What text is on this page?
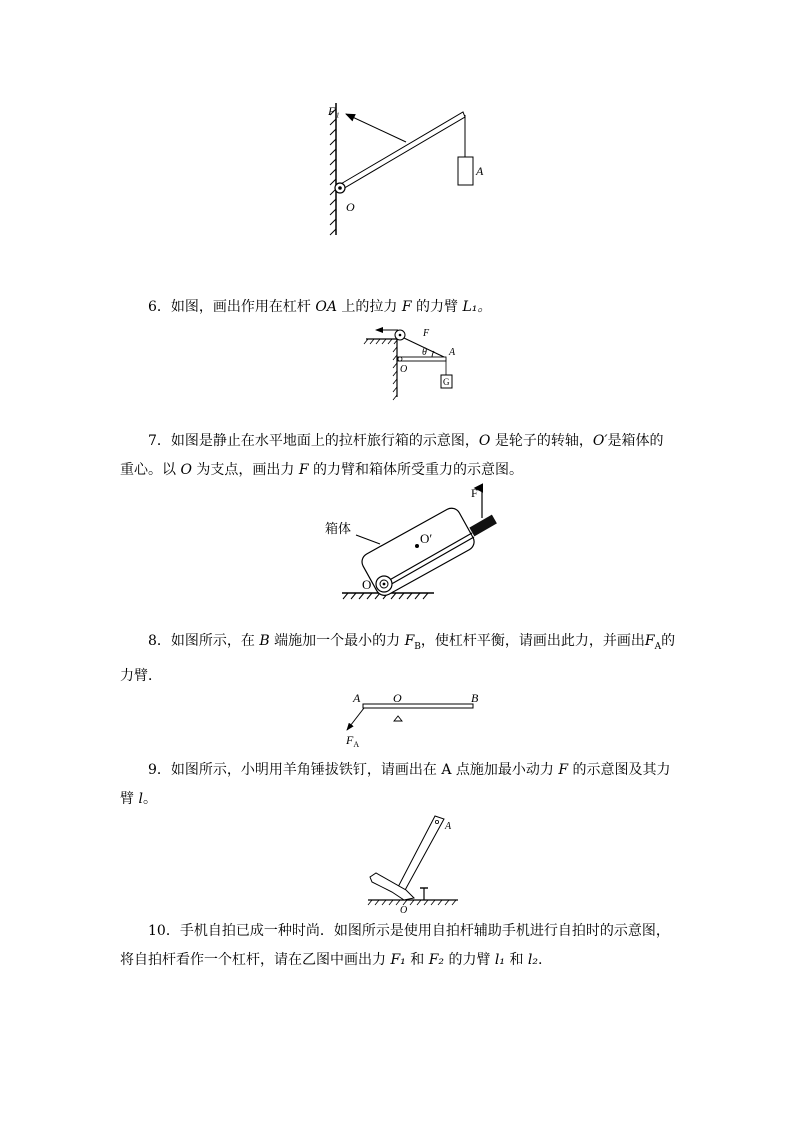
F₁
A
O

6．如图，画出作用在杠杆 OA 上的拉力 F 的力臂 L₁。

F
θ A
O
G

7．如图是静止在水平地面上的拉杆旅行箱的示意图，O 是轮子的转轴，O′是箱体的重心。以 O 为支点，画出力 F 的力臂和箱体所受重力的示意图。

箱体
O′
F
O

8．如图所示，在 B 端施加一个最小的力 $F_B$，使杠杆平衡，请画出此力，并画出$F_A$的力臂．

A	O	B
$F_A$

9．如图所示，小明用羊角锤拔铁钉，请画出在 A 点施加最小动力 F 的示意图及其力臂 l。

A
O

10．手机自拍已成一种时尚．如图所示是使用自拍杆辅助手机进行自拍时的示意图，将自拍杆看作一个杠杆，请在乙图中画出力 F₁ 和 F₂ 的力臂 l₁ 和 l₂.
